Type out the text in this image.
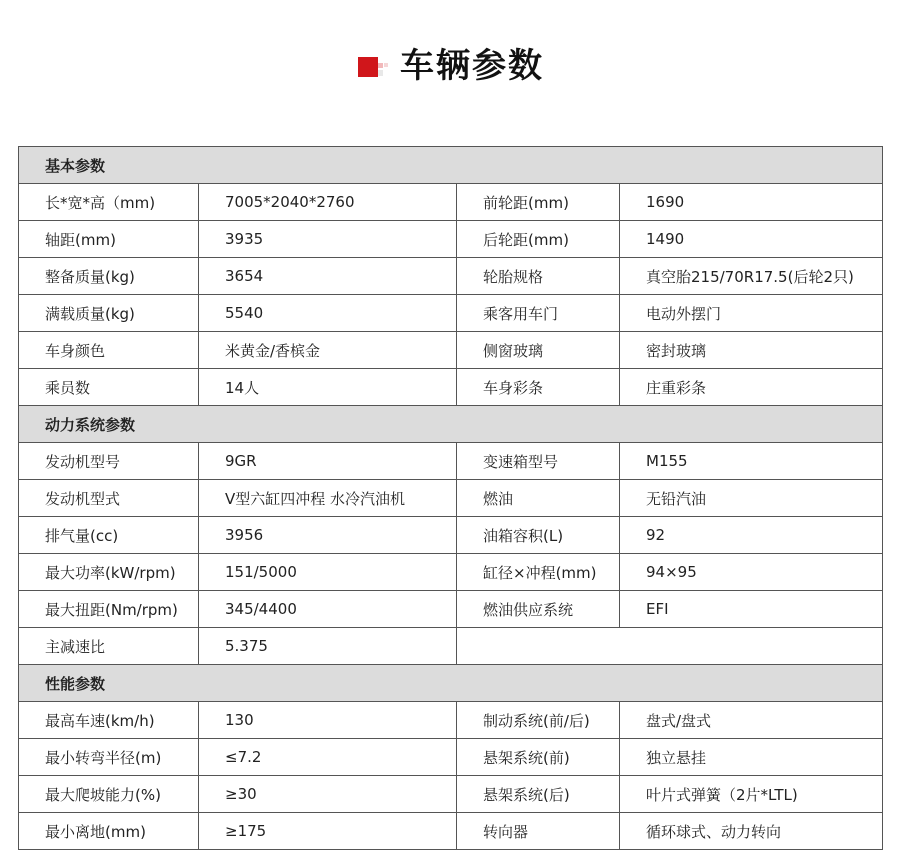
车辆参数
基本参数			
长*宽*高（mm)	7005*2040*2760	前轮距(mm)	1690
轴距(mm)	3935	后轮距(mm)	1490
整备质量(kg)	3654	轮胎规格	真空胎215/70R17.5(后轮2只)
满载质量(kg)	5540	乘客用车门	电动外摆门
车身颜色	米黄金/香槟金	侧窗玻璃	密封玻璃
乘员数	14人	车身彩条	庄重彩条
动力系统参数			
发动机型号	9GR	变速箱型号	M155
发动机型式	V型六缸四冲程 水冷汽油机	燃油	无铅汽油
排气量(cc)	3956	油箱容积(L)	92
最大功率(kW/rpm)	151/5000	缸径×冲程(mm)	94×95
最大扭距(Nm/rpm)	345/4400	燃油供应系统	EFI
主减速比	5.375		
性能参数			
最高车速(km/h)	130	制动系统(前/后)	盘式/盘式
最小转弯半径(m)	≤7.2	悬架系统(前)	独立悬挂
最大爬坡能力(%)	≥30	悬架系统(后)	叶片式弹簧（2片*LTL)
最小离地(mm)	≥175	转向器	循环球式、动力转向
